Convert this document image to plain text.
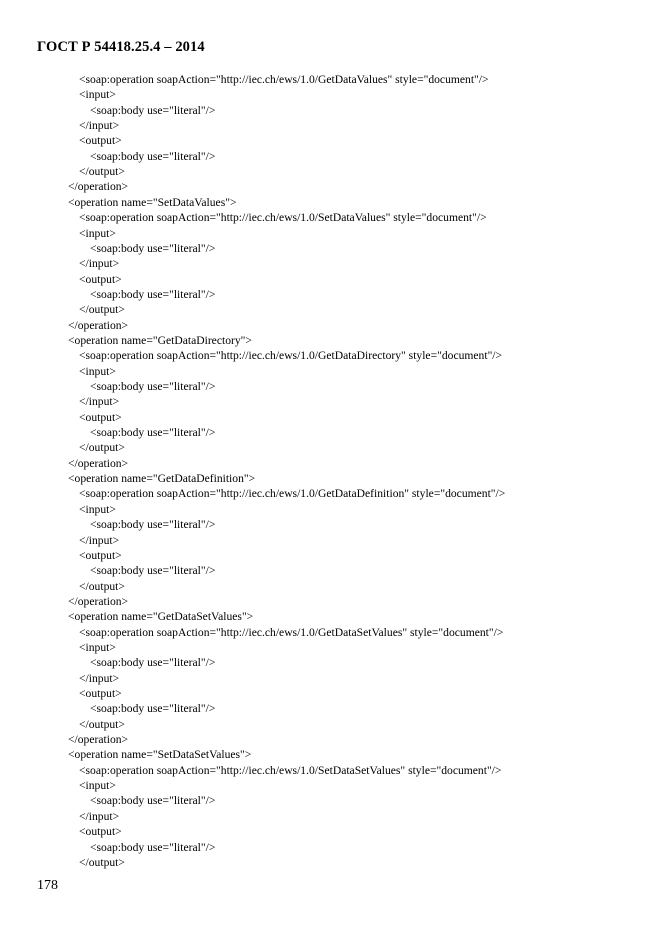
ГОСТ Р 54418.25.4 – 2014
<soap:operation soapAction="http://iec.ch/ews/1.0/GetDataValues" style="document"/>
<input>
<soap:body use="literal"/>
</input>
<output>
<soap:body use="literal"/>
</output>
</operation>
<operation name="SetDataValues">
<soap:operation soapAction="http://iec.ch/ews/1.0/SetDataValues" style="document"/>
<input>
<soap:body use="literal"/>
</input>
<output>
<soap:body use="literal"/>
</output>
</operation>
<operation name="GetDataDirectory">
<soap:operation soapAction="http://iec.ch/ews/1.0/GetDataDirectory" style="document"/>
<input>
<soap:body use="literal"/>
</input>
<output>
<soap:body use="literal"/>
</output>
</operation>
<operation name="GetDataDefinition">
<soap:operation soapAction="http://iec.ch/ews/1.0/GetDataDefinition" style="document"/>
<input>
<soap:body use="literal"/>
</input>
<output>
<soap:body use="literal"/>
</output>
</operation>
<operation name="GetDataSetValues">
<soap:operation soapAction="http://iec.ch/ews/1.0/GetDataSetValues" style="document"/>
<input>
<soap:body use="literal"/>
</input>
<output>
<soap:body use="literal"/>
</output>
</operation>
<operation name="SetDataSetValues">
<soap:operation soapAction="http://iec.ch/ews/1.0/SetDataSetValues" style="document"/>
<input>
<soap:body use="literal"/>
</input>
<output>
<soap:body use="literal"/>
</output>
178
